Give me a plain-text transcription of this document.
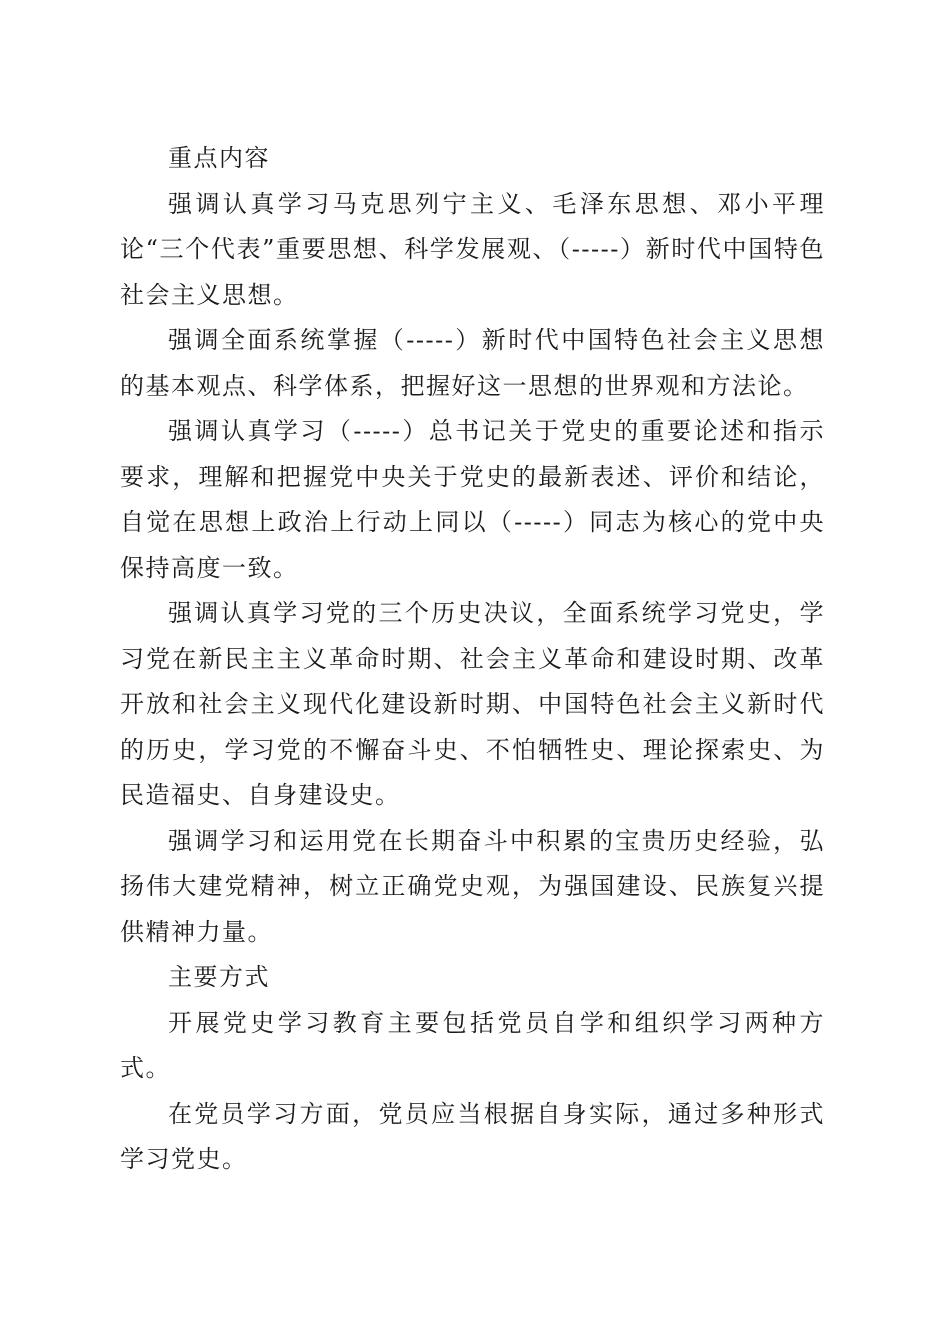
重点内容

强调认真学习马克思列宁主义、毛泽东思想、邓小平理论“三个代表”重要思想、科学发展观、（-----）新时代中国特色社会主义思想。

强调全面系统掌握（-----）新时代中国特色社会主义思想的基本观点、科学体系，把握好这一思想的世界观和方法论。

强调认真学习（-----）总书记关于党史的重要论述和指示要求，理解和把握党中央关于党史的最新表述、评价和结论，自觉在思想上政治上行动上同以（-----）同志为核心的党中央保持高度一致。

强调认真学习党的三个历史决议，全面系统学习党史，学习党在新民主主义革命时期、社会主义革命和建设时期、改革开放和社会主义现代化建设新时期、中国特色社会主义新时代的历史，学习党的不懈奋斗史、不怕牺牲史、理论探索史、为民造福史、自身建设史。

强调学习和运用党在长期奋斗中积累的宝贵历史经验，弘扬伟大建党精神，树立正确党史观，为强国建设、民族复兴提供精神力量。

主要方式

开展党史学习教育主要包括党员自学和组织学习两种方式。

在党员学习方面，党员应当根据自身实际，通过多种形式学习党史。
